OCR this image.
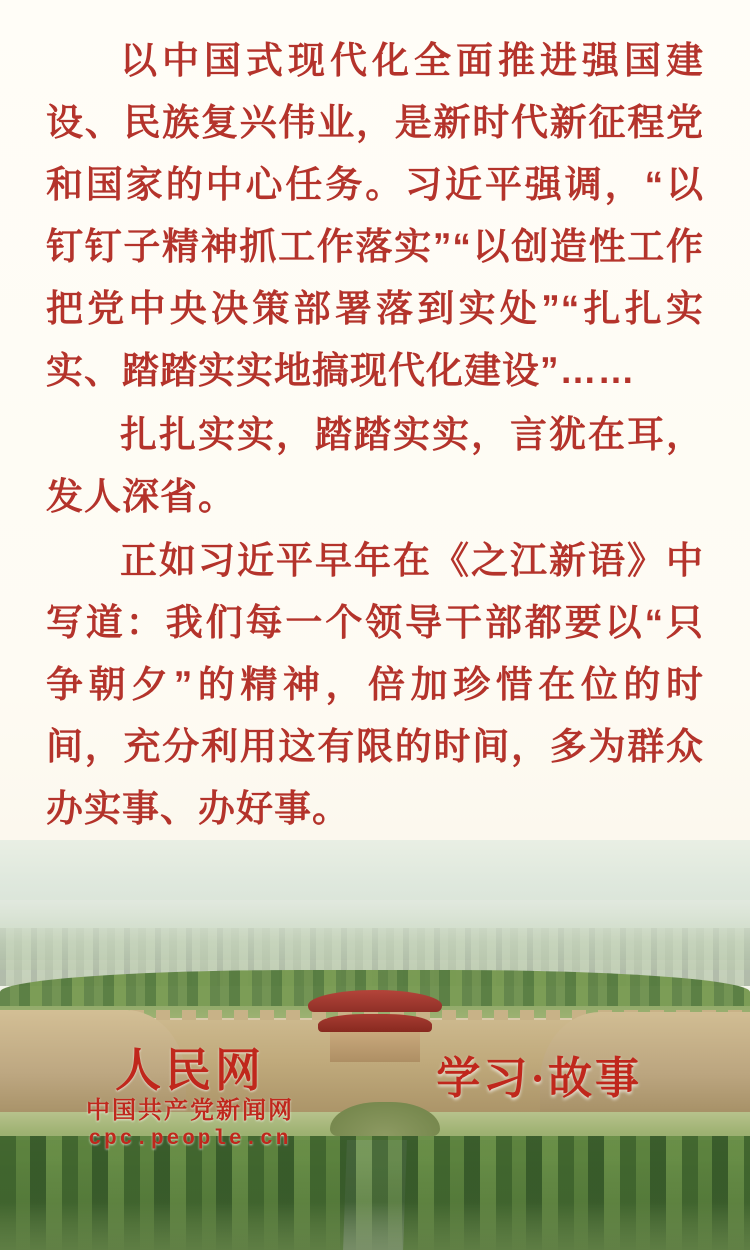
以中国式现代化全面推进强国建设、民族复兴伟业，是新时代新征程党和国家的中心任务。习近平强调，“以钉钉子精神抓工作落实”“以创造性工作把党中央决策部署落到实处”“扎扎实实、踏踏实实地搞现代化建设”……

扎扎实实，踏踏实实，言犹在耳，发人深省。

正如习近平早年在《之江新语》中写道：我们每一个领导干部都要以“只争朝夕”的精神，倍加珍惜在位的时间，充分利用这有限的时间，多为群众办实事、办好事。

人民网
中国共产党新闻网
cpc.people.cn
学习·故事
